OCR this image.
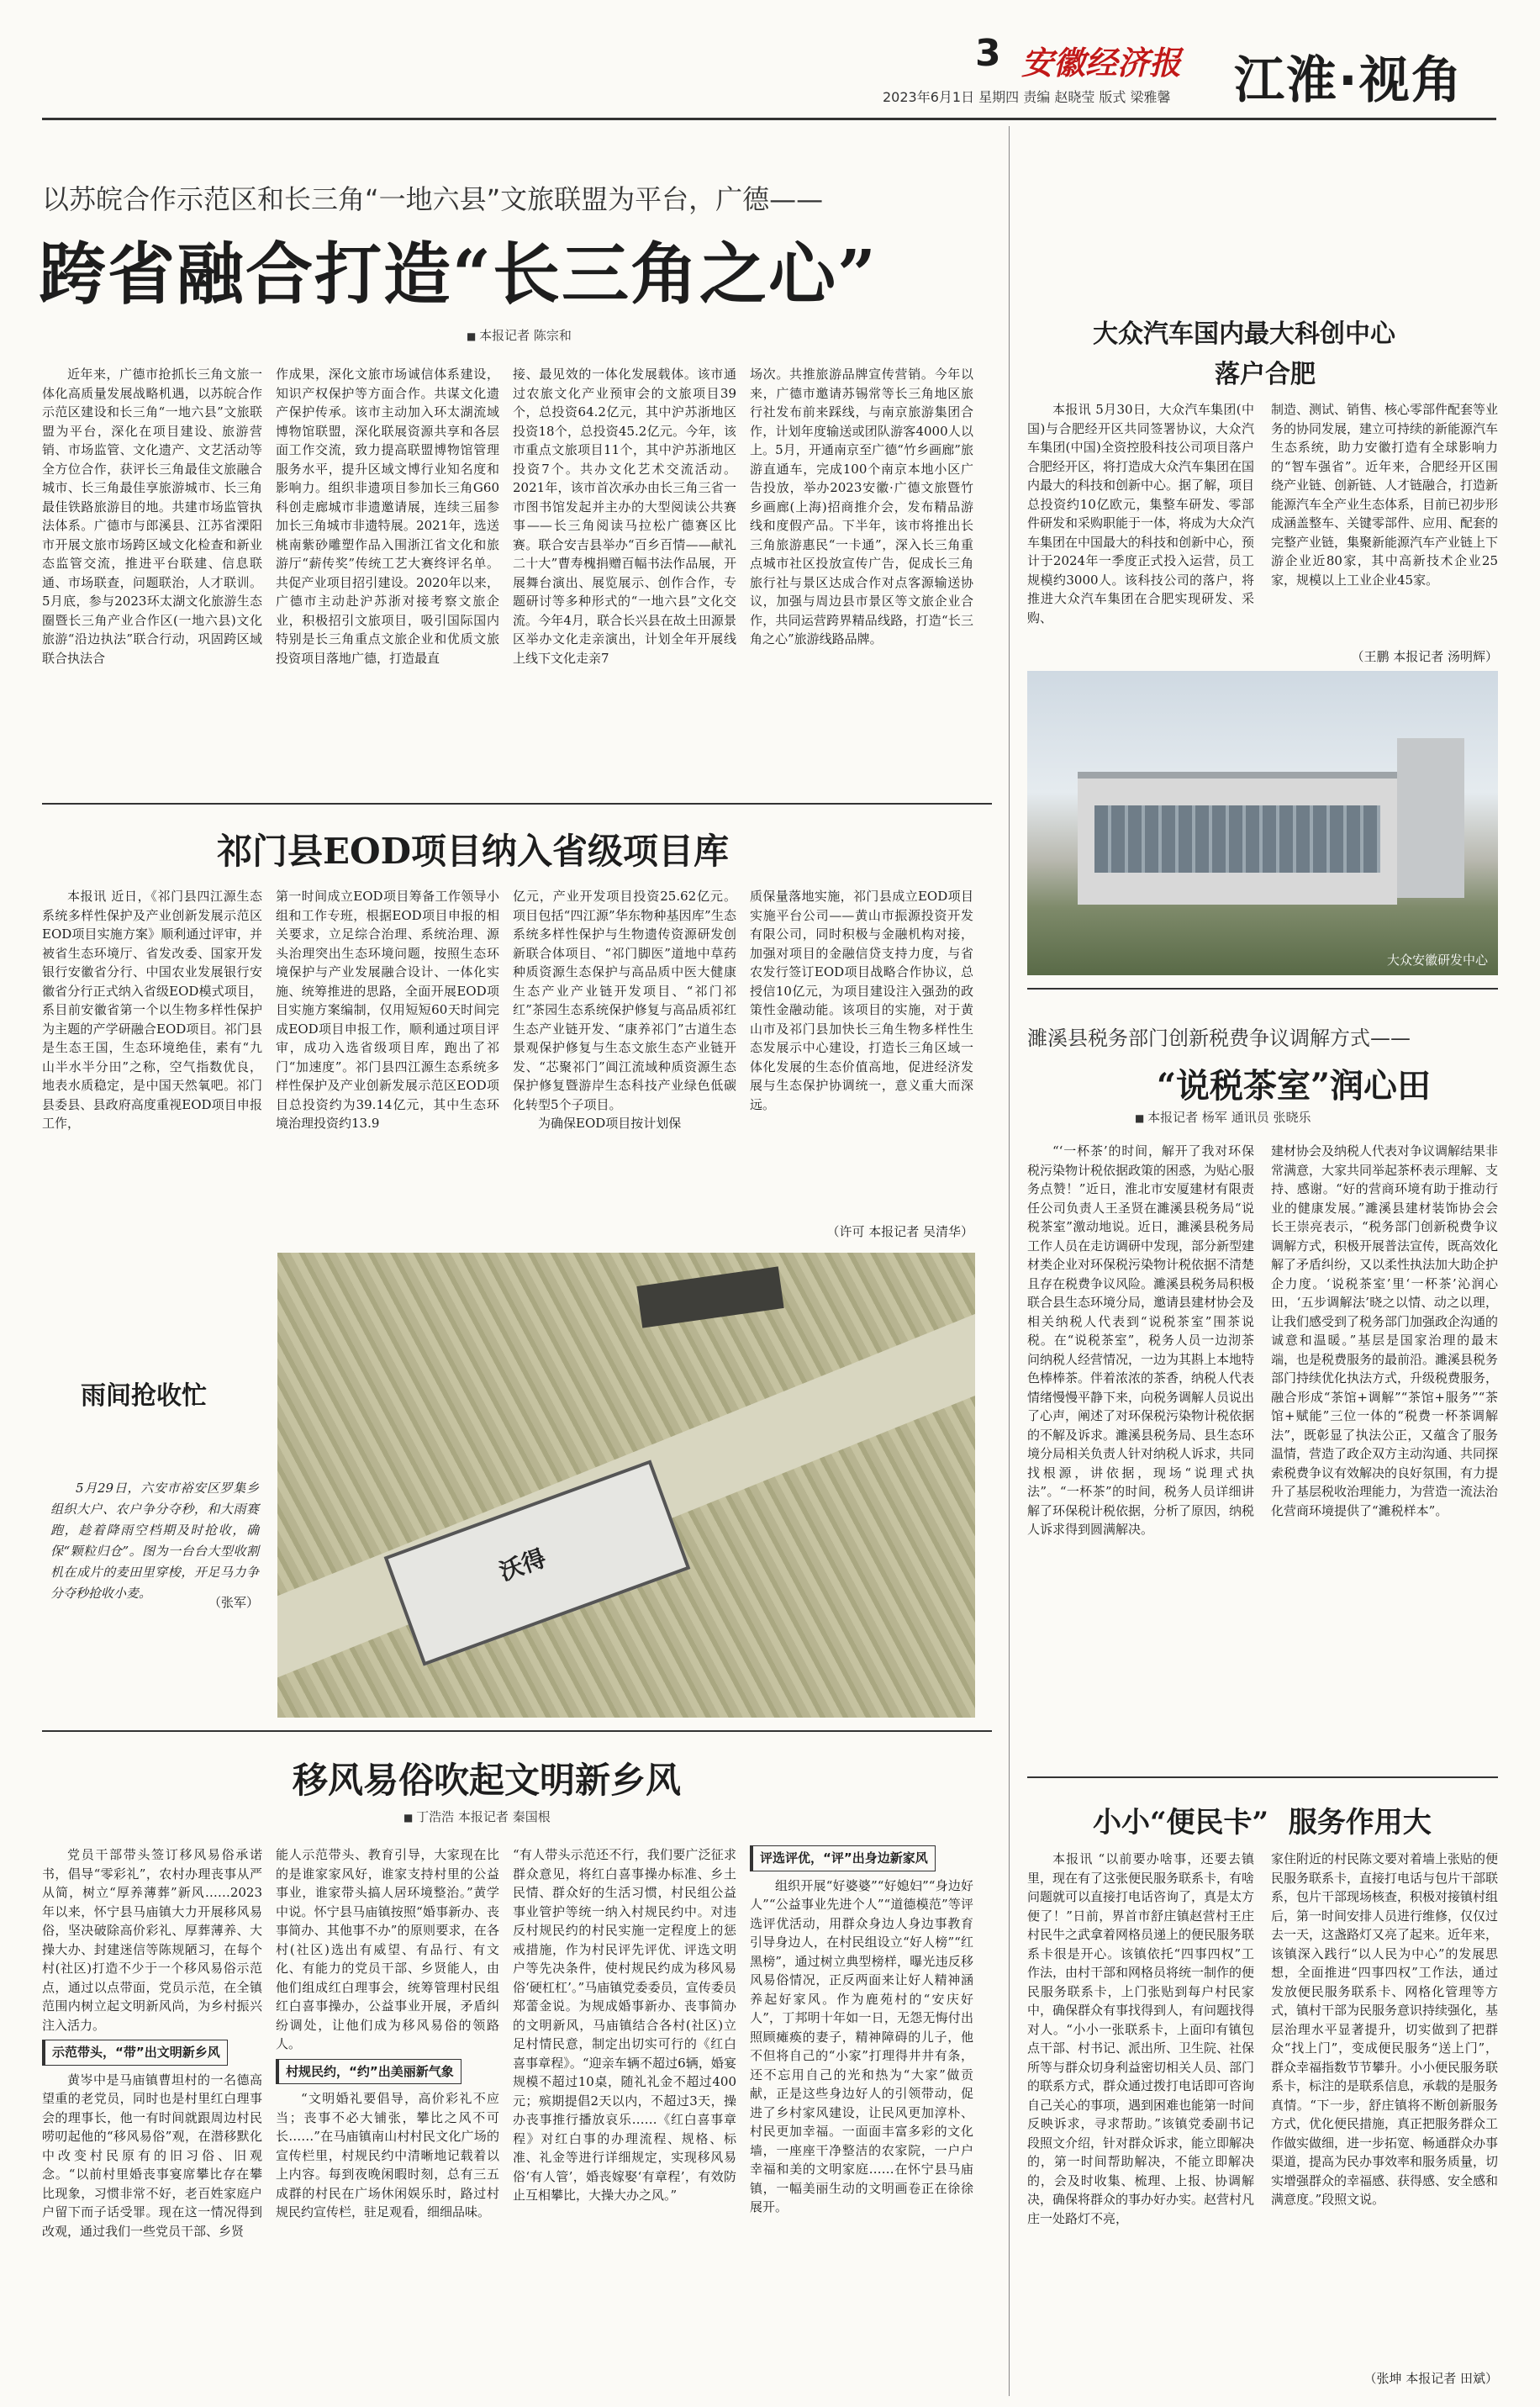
3 安徽经济报
2023年6月1日 星期四 责编 赵晓莹 版式 梁雅馨 江淮·视角
以苏皖合作示范区和长三角“一地六县”文旅联盟为平台，广德——
跨省融合打造“长三角之心”
■ 本报记者 陈宗和

近年来，广德市抢抓长三角文旅一体化高质量发展战略机遇，以苏皖合作示范区建设和长三角“一地六县”文旅联盟为平台，深化在项目建设、旅游营销、市场监管、文化遗产、文艺活动等全方位合作，获评长三角最佳文旅融合城市、长三角最佳享旅游城市、长三角最佳铁路旅游目的地。共建市场监管执法体系。广德市与郎溪县、江苏省溧阳市开展文旅市场跨区域文化检查和新业态监管交流，推进平台联建、信息联通、市场联查，问题联治，人才联训。5月底，参与2023环太湖文化旅游生态圈暨长三角产业合作区(一地六县)文化旅游“沿边执法”联合行动，巩固跨区域联合执法合

作成果，深化文旅市场诚信体系建设，知识产权保护等方面合作。共谋文化遗产保护传承。该市主动加入环太湖流域博物馆联盟，深化联展资源共享和各层面工作交流，致力提高联盟博物馆管理服务水平，提升区域文博行业知名度和影响力。组织非遗项目参加长三角G60科创走廊城市非遗邀请展，连续三届参加长三角城市非遗特展。2021年，选送桃南紫砂雕塑作品入围浙江省文化和旅游厅“薪传奖”传统工艺大赛终评名单。共促产业项目招引建设。2020年以来，广德市主动赴沪苏浙对接考察文旅企业，积极招引文旅项目，吸引国际国内特别是长三角重点文旅企业和优质文旅投资项目落地广德，打造最直

接、最见效的一体化发展载体。该市通过农旅文化产业预审会的文旅项目39个，总投资64.2亿元，其中沪苏浙地区投资18个，总投资45.2亿元。今年，该市重点文旅项目11个，其中沪苏浙地区投资7个。共办文化艺术交流活动。2021年，该市首次承办由长三角三省一市图书馆发起并主办的大型阅读公共赛事——长三角阅读马拉松广德赛区比赛。联合安吉县举办“百乡百情——献礼二十大”曹寿槐捐赠百幅书法作品展，开展舞台演出、展览展示、创作合作，专题研讨等多种形式的“一地六县”文化交流。今年4月，联合长兴县在故土田源景区举办文化走亲演出，计划全年开展线上线下文化走亲7

场次。共推旅游品牌宣传营销。今年以来，广德市邀请苏锡常等长三角地区旅行社发布前来踩线，与南京旅游集团合作，计划年度输送或团队游客4000人以上。5月，开通南京至广德“竹乡画廊”旅游直通车，完成100个南京本地小区广告投放，举办2023安徽·广德文旅暨竹乡画廊(上海)招商推介会，发布精品游线和度假产品。下半年，该市将推出长三角旅游惠民“一卡通”，深入长三角重点城市社区投放宣传广告，促成长三角旅行社与景区达成合作对点客源输送协议，加强与周边县市景区等文旅企业合作，共同运营跨界精品线路，打造“长三角之心”旅游线路品牌。

大众汽车国内最大科创中心
落户合肥

本报讯 5月30日，大众汽车集团(中国)与合肥经开区共同签署协议，大众汽车集团(中国)全资控股科技公司项目落户合肥经开区，将打造成大众汽车集团在国内最大的科技和创新中心。据了解，项目总投资约10亿欧元，集整车研发、零部件研发和采购职能于一体，将成为大众汽车集团在中国最大的科技和创新中心，预计于2024年一季度正式投入运营，员工规模约3000人。该科技公司的落户，将推进大众汽车集团在合肥实现研发、采购、

制造、测试、销售、核心零部件配套等业务的协同发展，建立可持续的新能源汽车生态系统，助力安徽打造有全球影响力的“智车强省”。近年来，合肥经开区围绕产业链、创新链、人才链融合，打造新能源汽车全产业生态体系，目前已初步形成涵盖整车、关键零部件、应用、配套的完整产业链，集聚新能源汽车产业链上下游企业近80家，其中高新技术企业25家，规模以上工业企业45家。

（王鹏 本报记者 汤明辉）
大众安徽研发中心
祁门县EOD项目纳入省级项目库

本报讯 近日，《祁门县四江源生态系统多样性保护及产业创新发展示范区EOD项目实施方案》顺利通过评审，并被省生态环境厅、省发改委、国家开发银行安徽省分行、中国农业发展银行安徽省分行正式纳入省级EOD模式项目，系目前安徽省第一个以生物多样性保护为主题的产学研融合EOD项目。祁门县是生态王国，生态环境绝佳，素有“九山半水半分田”之称，空气指数优良，地表水质稳定，是中国天然氧吧。祁门县委县、县政府高度重视EOD项目申报工作，

第一时间成立EOD项目筹备工作领导小组和工作专班，根据EOD项目申报的相关要求，立足综合治理、系统治理、源头治理突出生态环境问题，按照生态环境保护与产业发展融合设计、一体化实施、统筹推进的思路，全面开展EOD项目实施方案编制，仅用短短60天时间完成EOD项目申报工作，顺利通过项目评审，成功入选省级项目库，跑出了祁门“加速度”。祁门县四江源生态系统多样性保护及产业创新发展示范区EOD项目总投资约为39.14亿元，其中生态环境治理投资约13.9

亿元，产业开发项目投资25.62亿元。项目包括“四江源”华东物种基因库”生态系统多样性保护与生物遗传资源研发创新联合体项目、“祁门脚医”道地中草药种质资源生态保护与高品质中医大健康生态产业产业链开发项目、“祁门祁红”茶园生态系统保护修复与高品质祁红生态产业链开发、“康养祁门”古道生态景观保护修复与生态文旅生态产业链开发、“芯聚祁门”阊江流域种质资源生态保护修复暨游岸生态科技产业绿色低碳化转型5个子项目。

为确保EOD项目按计划保

质保量落地实施，祁门县成立EOD项目实施平台公司——黄山市振源投资开发有限公司，同时积极与金融机构对接，加强对项目的金融信贷支持力度，与省农发行签订EOD项目战略合作协议，总授信10亿元，为项目建设注入强劲的政策性金融动能。该项目的实施，对于黄山市及祁门县加快长三角生物多样性生态发展示中心建设，打造长三角区域一体化发展的生态价值高地，促进经济发展与生态保护协调统一，意义重大而深远。

（许可 本报记者 吴清华）
沃得
雨间抢收忙
5月29日，六安市裕安区罗集乡组织大户、农户争分夺秒，和大雨赛跑，趁着降雨空档期及时抢收，确保“颗粒归仓”。图为一台台大型收割机在成片的麦田里穿梭，开足马力争分夺秒抢收小麦。
（张军）
濉溪县税务部门创新税费争议调解方式——
“说税茶室”润心田
■ 本报记者 杨军 通讯员 张晓乐

“‘一杯茶’的时间，解开了我对环保税污染物计税依据政策的困惑，为贴心服务点赞！”近日，淮北市安厦建材有限责任公司负责人王圣贤在濉溪县税务局“说税茶室”激动地说。近日，濉溪县税务局工作人员在走访调研中发现，部分新型建材类企业对环保税污染物计税依据不清楚且存在税费争议风险。濉溪县税务局积极联合县生态环境分局，邀请县建材协会及相关纳税人代表到“说税茶室”围茶说税。在“说税茶室”，税务人员一边沏茶问纳税人经营情况，一边为其斟上本地特色棒棒茶。伴着浓浓的茶香，纳税人代表情绪慢慢平静下来，向税务调解人员说出了心声，阐述了对环保税污染物计税依据的不解及诉求。濉溪县税务局、县生态环境分局相关负责人针对纳税人诉求，共同找根源，讲依据，现场“说理式执法”。“一杯茶”的时间，税务人员详细讲解了环保税计税依据，分析了原因，纳税人诉求得到圆满解决。

建材协会及纳税人代表对争议调解结果非常满意，大家共同举起茶杯表示理解、支持、感谢。“好的营商环境有助于推动行业的健康发展。”濉溪县建材装饰协会会长王崇亮表示，“税务部门创新税费争议调解方式，积极开展普法宣传，既高效化解了矛盾纠纷，又以柔性执法加大助企护企力度。‘说税茶室’里‘一杯茶’沁润心田，‘五步调解法’晓之以情、动之以理，让我们感受到了税务部门加强政企沟通的诚意和温暖。”基层是国家治理的最末端，也是税费服务的最前沿。濉溪县税务部门持续优化执法方式，升级税费服务，融合形成“茶馆+调解”“茶馆+服务”“茶馆+赋能”三位一体的“税费一杯茶调解法”，既彰显了执法公正，又蕴含了服务温情，营造了政企双方主动沟通、共同探索税费争议有效解决的良好氛围，有力提升了基层税收治理能力，为营造一流法治化营商环境提供了“濉税样本”。

移风易俗吹起文明新乡风
■ 丁浩浩 本报记者 秦国根

党员干部带头签订移风易俗承诺书，倡导“零彩礼”，农村办理丧事从严从简，树立“厚养薄葬”新风……2023年以来，怀宁县马庙镇大力开展移风易俗，坚决破除高价彩礼、厚葬薄养、大操大办、封建迷信等陈规陋习，在每个村(社区)打造不少于一个移风易俗示范点，通过以点带面，党员示范，在全镇范围内树立起文明新风尚，为乡村振兴注入活力。

示范带头，“带”出文明新乡风

黄岑中是马庙镇曹坦村的一名德高望重的老党员，同时也是村里红白理事会的理事长，他一有时间就跟周边村民唠叨起他的“移风易俗”观，在潜移默化中改变村民原有的旧习俗、旧观念。“以前村里婚丧事宴席攀比存在攀比现象，习惯非常不好，老百姓家庭户户留下而子话受罪。现在这一情况得到改观，通过我们一些党员干部、乡贤

能人示范带头、教育引导，大家现在比的是谁家家风好，谁家支持村里的公益事业，谁家带头搞人居环境整治。”黄学中说。怀宁县马庙镇按照“婚事新办、丧事简办、其他事不办”的原则要求，在各村(社区)选出有威望、有品行、有文化、有能力的党员干部、乡贤能人，由他们组成红白理事会，统筹管理村民组红白喜事操办，公益事业开展，矛盾纠纷调处，让他们成为移风易俗的领路人。

村规民约，“约”出美丽新气象

“文明婚礼要倡导，高价彩礼不应当；丧事不必大铺张，攀比之风不可长……”在马庙镇南山村村民文化广场的宣传栏里，村规民约中清晰地记载着以上内容。每到夜晚闲暇时刻，总有三五成群的村民在广场休闲娱乐时，路过村规民约宣传栏，驻足观看，细细品味。

“有人带头示范还不行，我们要广泛征求群众意见，将红白喜事操办标准、乡土民情、群众好的生活习惯，村民组公益事业管护等统一纳入村规民约中。对违反村规民约的村民实施一定程度上的惩戒措施，作为村民评先评优、评选文明户等先决条件，使村规民约成为移风易俗‘硬杠杠’。”马庙镇党委委员，宣传委员郑蕾金说。为规成婚事新办、丧事简办的文明新风，马庙镇结合各村(社区)立足村情民意，制定出切实可行的《红白喜事章程》。“迎亲车辆不超过6辆，婚宴规模不超过10桌，随礼礼金不超过400元；殡期提倡2天以内，不超过3天，操办丧事推行播放哀乐……《红白喜事章程》对红白事的办理流程、规格、标准、礼金等进行详细规定，实现移风易俗‘有人管’，婚丧嫁娶‘有章程’，有效防止互相攀比，大操大办之风。”

评选评优，“评”出身边新家风

组织开展“好婆婆”“好媳妇”“身边好人”“公益事业先进个人”“道德模范”等评选评优活动，用群众身边人身边事教育引导身边人，在村民组设立“好人榜”“红黑榜”，通过树立典型榜样，曝光违反移风易俗情况，正反两面来让好人精神涵养起好家风。作为鹿苑村的“安庆好人”，丁邦明十年如一日，无怨无悔付出照顾瘫痪的妻子，精神障碍的儿子，他不但将自己的“小家”打理得井井有条，还不忘用自己的光和热为“大家”做贡献，正是这些身边好人的引领带动，促进了乡村家风建设，让民风更加淳朴、村民更加幸福。一面面丰富多彩的文化墙，一座座干净整洁的农家院，一户户幸福和美的文明家庭……在怀宁县马庙镇，一幅美丽生动的文明画卷正在徐徐展开。

小小“便民卡”  服务作用大

本报讯 “以前要办啥事，还要去镇里，现在有了这张便民服务联系卡，有啥问题就可以直接打电话咨询了，真是太方便了！”日前，界首市舒庄镇赵营村王庄村民牛之武拿着网格员递上的便民服务联系卡很是开心。该镇依托“四事四权”工作法，由村干部和网格员将统一制作的便民服务联系卡，上门张贴到每户村民家中，确保群众有事找得到人，有问题找得对人。“小小一张联系卡，上面印有镇包点干部、村书记、派出所、卫生院、社保所等与群众切身利益密切相关人员、部门的联系方式，群众通过拨打电话即可咨询自己关心的事项，遇到困难也能第一时间反映诉求，寻求帮助。”该镇党委副书记段照文介绍，针对群众诉求，能立即解决的，第一时间帮助解决，不能立即解决的，会及时收集、梳理、上报、协调解决，确保将群众的事办好办实。赵营村凡庄一处路灯不亮，

家住附近的村民陈文要对着墙上张贴的便民服务联系卡，直接打电话与包片干部联系，包片干部现场核查，积极对接镇村组后，第一时间安排人员进行维修，仅仅过去一天，这盏路灯又亮了起来。近年来，该镇深入践行“以人民为中心”的发展思想，全面推进“四事四权”工作法，通过发放便民服务联系卡、网格化管理等方式，镇村干部为民服务意识持续强化，基层治理水平显著提升，切实做到了把群众“找上门”，变成便民服务“送上门”，群众幸福指数节节攀升。小小便民服务联系卡，标注的是联系信息，承载的是服务真情。“下一步，舒庄镇将不断创新服务方式，优化便民措施，真正把服务群众工作做实做细，进一步拓宽、畅通群众办事渠道，提高为民办事效率和服务质量，切实增强群众的幸福感、获得感、安全感和满意度。”段照文说。

（张坤 本报记者 田斌）
